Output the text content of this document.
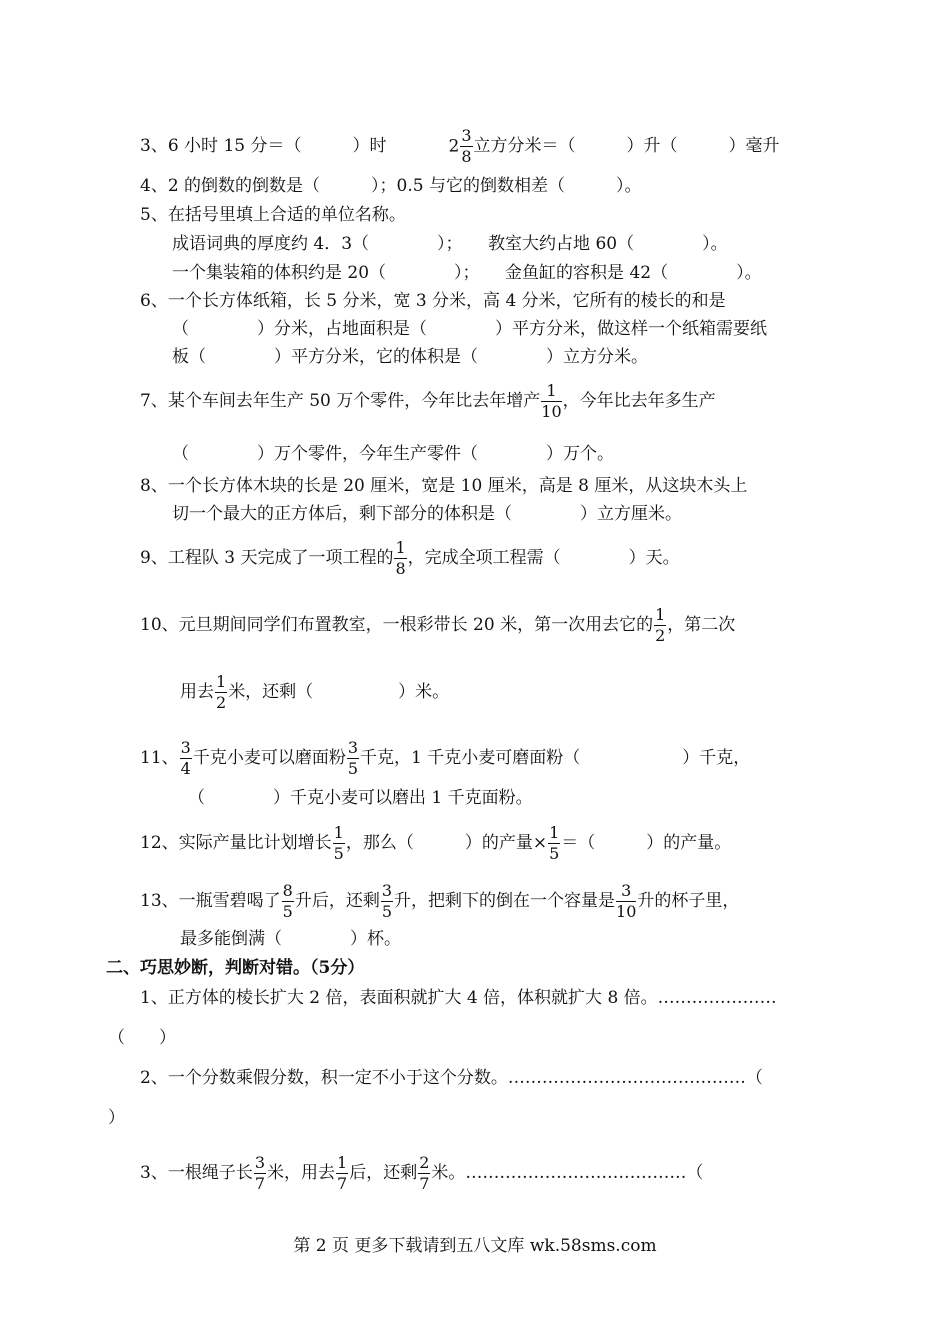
3、6 小时 15 分＝（　　　）时	$2 \frac{3}{8}$ 立方分米＝（　　　）升（　　　）毫升
4、2 的倒数的倒数是（　　　）；0.5 与它的倒数相差（　　　）。
5、在括号里填上合适的单位名称。
成语词典的厚度约 4．3（　　　　）；　　教室大约占地 60（　　　　）。
一个集装箱的体积约是 20（　　　　）；　　金鱼缸的容积是 42（　　　　）。
6、一个长方体纸箱，长 5 分米，宽 3 分米，高 4 分米，它所有的棱长的和是
（　　　　）分米，占地面积是（　　　　）平方分米，做这样一个纸箱需要纸
板（　　　　）平方分米，它的体积是（　　　　）立方分米。
7、某个车间去年生产 50 万个零件，今年比去年增产 $\frac{1}{10}$ ，今年比去年多生产
（　　　　）万个零件，今年生产零件（　　　　）万个。
8、一个长方体木块的长是 20 厘米，宽是 10 厘米，高是 8 厘米，从这块木头上
切一个最大的正方体后，剩下部分的体积是（　　　　）立方厘米。
9、工程队 3 天完成了一项工程的 $\frac{1}{8}$ ，完成全项工程需（　　　　）天。
10、元旦期间同学们布置教室，一根彩带长 20 米，第一次用去它的 $\frac{1}{2}$ ，第二次
用去 $\frac{1}{2}$ 米，还剩（　　　　　）米。
11、 $\frac{3}{4}$ 千克小麦可以磨面粉 $\frac{3}{5}$ 千克，1 千克小麦可磨面粉（　　　　　　）千克，
（　　　　）千克小麦可以磨出 1 千克面粉。
12、实际产量比计划增长 $\frac{1}{5}$ ，那么（　　　）的产量× $\frac{1}{5}$ ＝（　　　）的产量。
13、一瓶雪碧喝了 $\frac{8}{5}$ 升后，还剩 $\frac{3}{5}$ 升，把剩下的倒在一个容量是 $\frac{3}{10}$ 升的杯子里，
最多能倒满（　　　　）杯。
二、巧思妙断，判断对错。（5分）
1、正方体的棱长扩大 2 倍，表面积就扩大 4 倍，体积就扩大 8 倍。…………………
（　　）
2、一个分数乘假分数，积一定不小于这个分数。……………………………………（
）
3、一根绳子长 $\frac{3}{7}$ 米，用去 $\frac{1}{7}$ 后，还剩 $\frac{2}{7}$ 米。…………………………………（
第 2 页 更多下载请到五八文库 wk.58sms.com
